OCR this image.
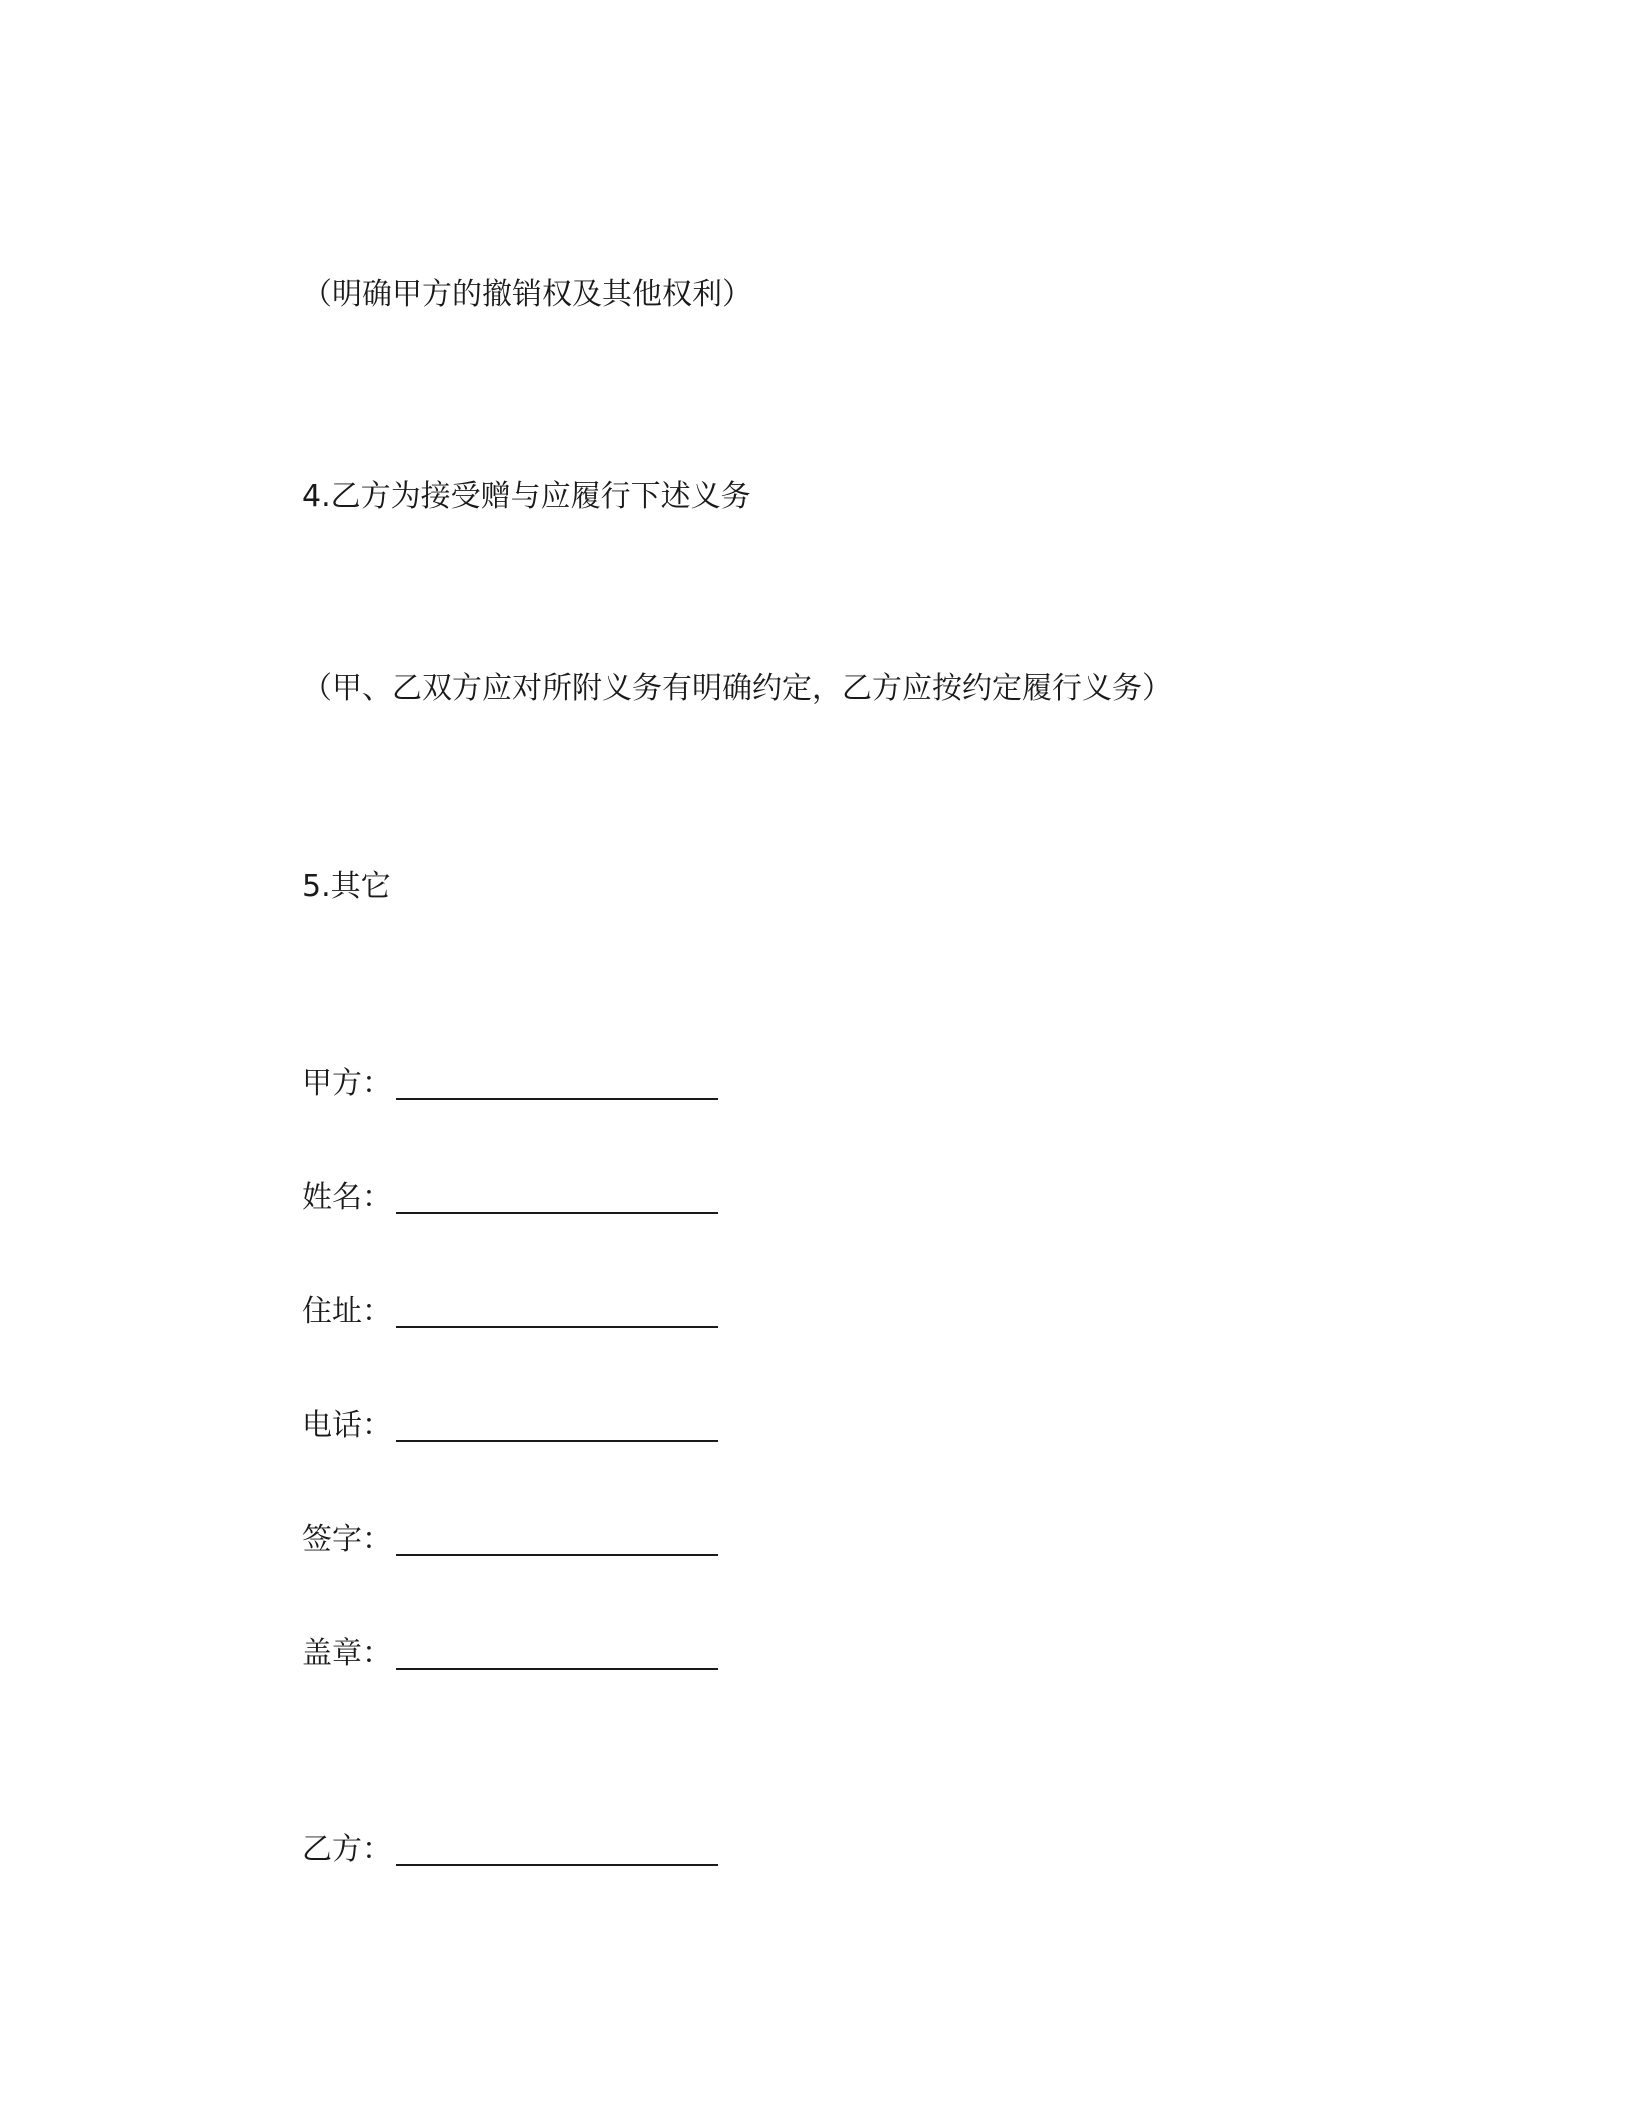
（明确甲方的撤销权及其他权利）
4.乙方为接受赠与应履行下述义务
（甲、乙双方应对所附义务有明确约定，乙方应按约定履行义务）
5.其它
甲方：
姓名：
住址：
电话：
签字：
盖章：
乙方：
